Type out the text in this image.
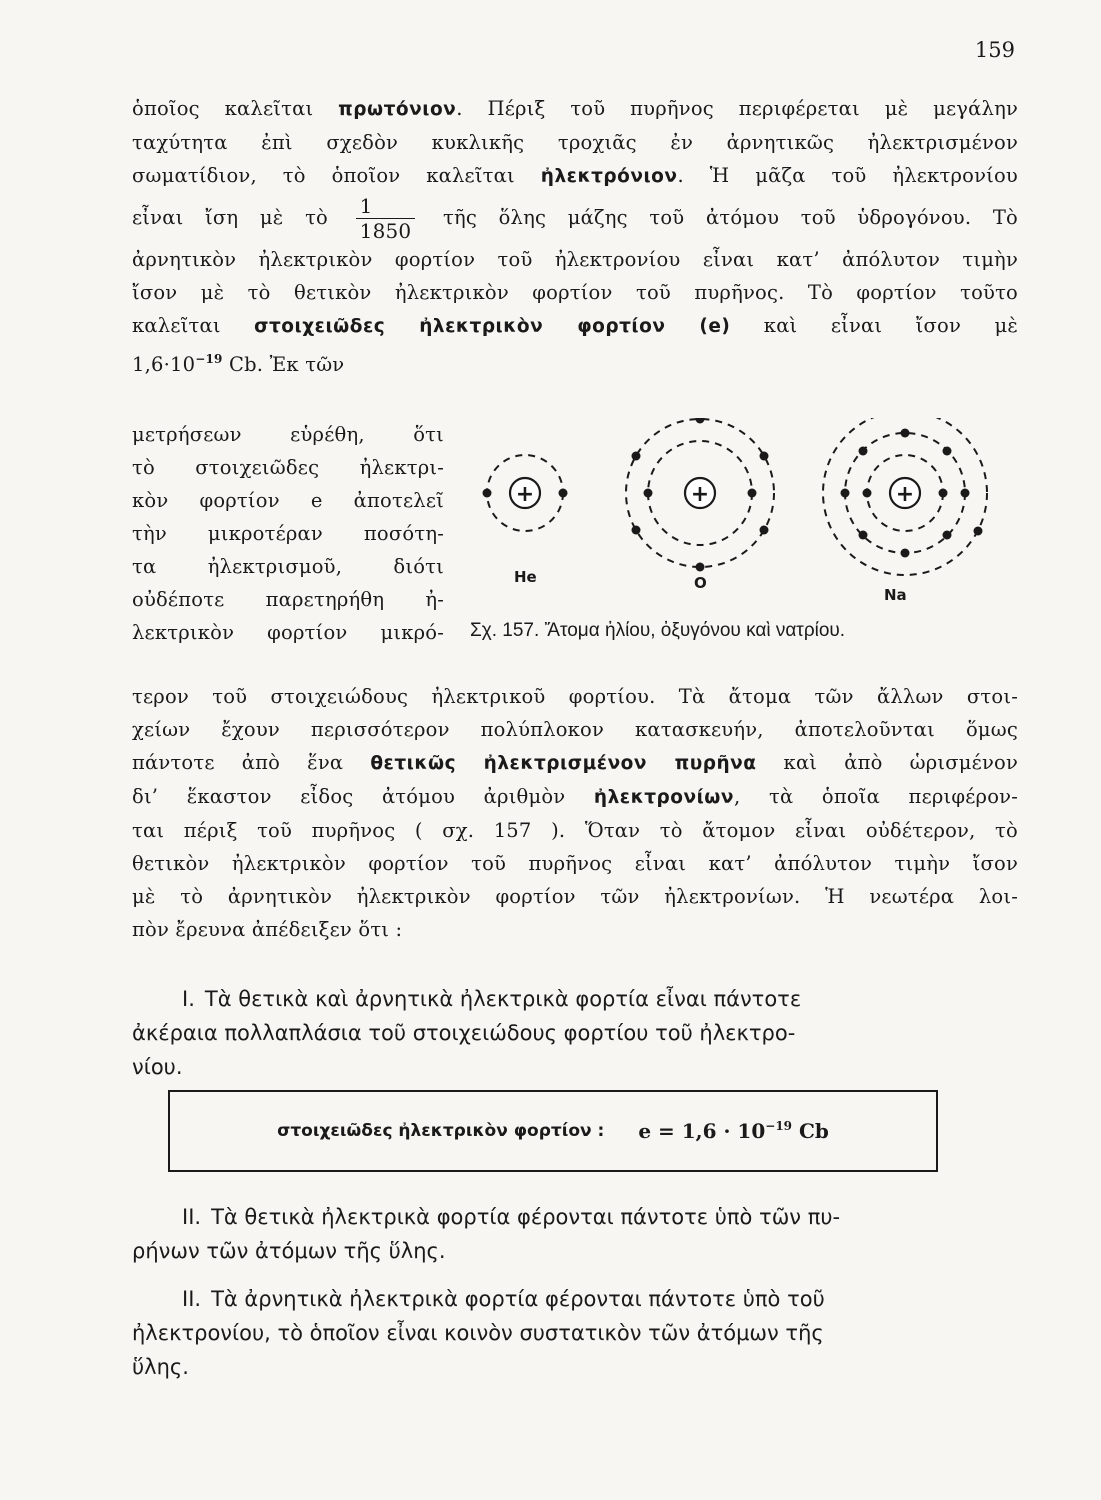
159
ὁποῖος καλεῖται πρωτόνιον. Πέριξ τοῦ πυρῆνος περιφέρεται μὲ μεγάλην
ταχύτητα ἐπὶ σχεδὸν κυκλικῆς τροχιᾶς ἐν ἀρνητικῶς ἠλεκτρισμένον
σωματίδιον, τὸ ὁποῖον καλεῖται ἠλεκτρόνιον. Ἡ μᾶζα τοῦ ἠλεκτρονίου
εἶναι ἴση μὲ τὸ $\frac{1}{1850}$ τῆς ὅλης μάζης τοῦ ἀτόμου τοῦ ὑδρογόνου. Τὸ
ἀρνητικὸν ἠλεκτρικὸν φορτίον τοῦ ἠλεκτρονίου εἶναι κατ’ ἀπόλυτον τιμὴν
ἴσον μὲ τὸ θετικὸν ἠλεκτρικὸν φορτίον τοῦ πυρῆνος. Τὸ φορτίον τοῦτο
καλεῖται στοιχειῶδες ἠλεκτρικὸν φορτίον (e) καὶ εἶναι ἴσον μὲ
$1,6\cdot 10^{-19}$ Cb. Ἐκ τῶν
μετρήσεων εὑρέθη, ὅτι
τὸ στοιχειῶδες ἠλεκτρι-
κὸν φορτίον e ἀποτελεῖ
τὴν μικροτέραν ποσότη-
τα ἠλεκτρισμοῦ, διότι
οὐδέποτε παρετηρήθη ἠ-
λεκτρικὸν φορτίον μικρό-
+	+	+
He	O
Na
Σχ. 157. Ἄτομα ἡλίου, ὀξυγόνου καὶ νατρίου.
τερον τοῦ στοιχειώδους ἠλεκτρικοῦ φορτίου. Τὰ ἄτομα τῶν ἄλλων στοι-
χείων ἔχουν περισσότερον πολύπλοκον κατασκευήν, ἀποτελοῦνται ὅμως
πάντοτε ἀπὸ ἕνα θετικῶς ἠλεκτρισμένον πυρῆνα καὶ ἀπὸ ὡρισμένον
δι’ ἕκαστον εἶδος ἀτόμου ἀριθμὸν ἠλεκτρονίων, τὰ ὁποῖα περιφέρον-
ται πέριξ τοῦ πυρῆνος ( σχ. 157 ). Ὅταν τὸ ἄτομον εἶναι οὐδέτερον, τὸ
θετικὸν ἠλεκτρικὸν φορτίον τοῦ πυρῆνος εἶναι κατ’ ἀπόλυτον τιμὴν ἴσον
μὲ τὸ ἀρνητικὸν ἠλεκτρικὸν φορτίον τῶν ἠλεκτρονίων. Ἡ νεωτέρα λοι-
πὸν ἔρευνα ἀπέδειξεν ὅτι :
I. Τὰ θετικὰ καὶ ἀρνητικὰ ἠλεκτρικὰ φορτία εἶναι πάντοτε
ἀκέραια πολλαπλάσια τοῦ στοιχειώδους φορτίου τοῦ ἠλεκτρο-
νίου.
στοιχειῶδες ἠλεκτρικὸν φορτίον : $e = 1,6 \cdot 10^{-19}$ Cb
II. Τὰ θετικὰ ἠλεκτρικὰ φορτία φέρονται πάντοτε ὑπὸ τῶν πυ-
ρήνων τῶν ἀτόμων τῆς ὕλης.
II. Τὰ ἀρνητικὰ ἠλεκτρικὰ φορτία φέρονται πάντοτε ὑπὸ τοῦ
ἠλεκτρονίου, τὸ ὁποῖον εἶναι κοινὸν συστατικὸν τῶν ἀτόμων τῆς
ὕλης.
